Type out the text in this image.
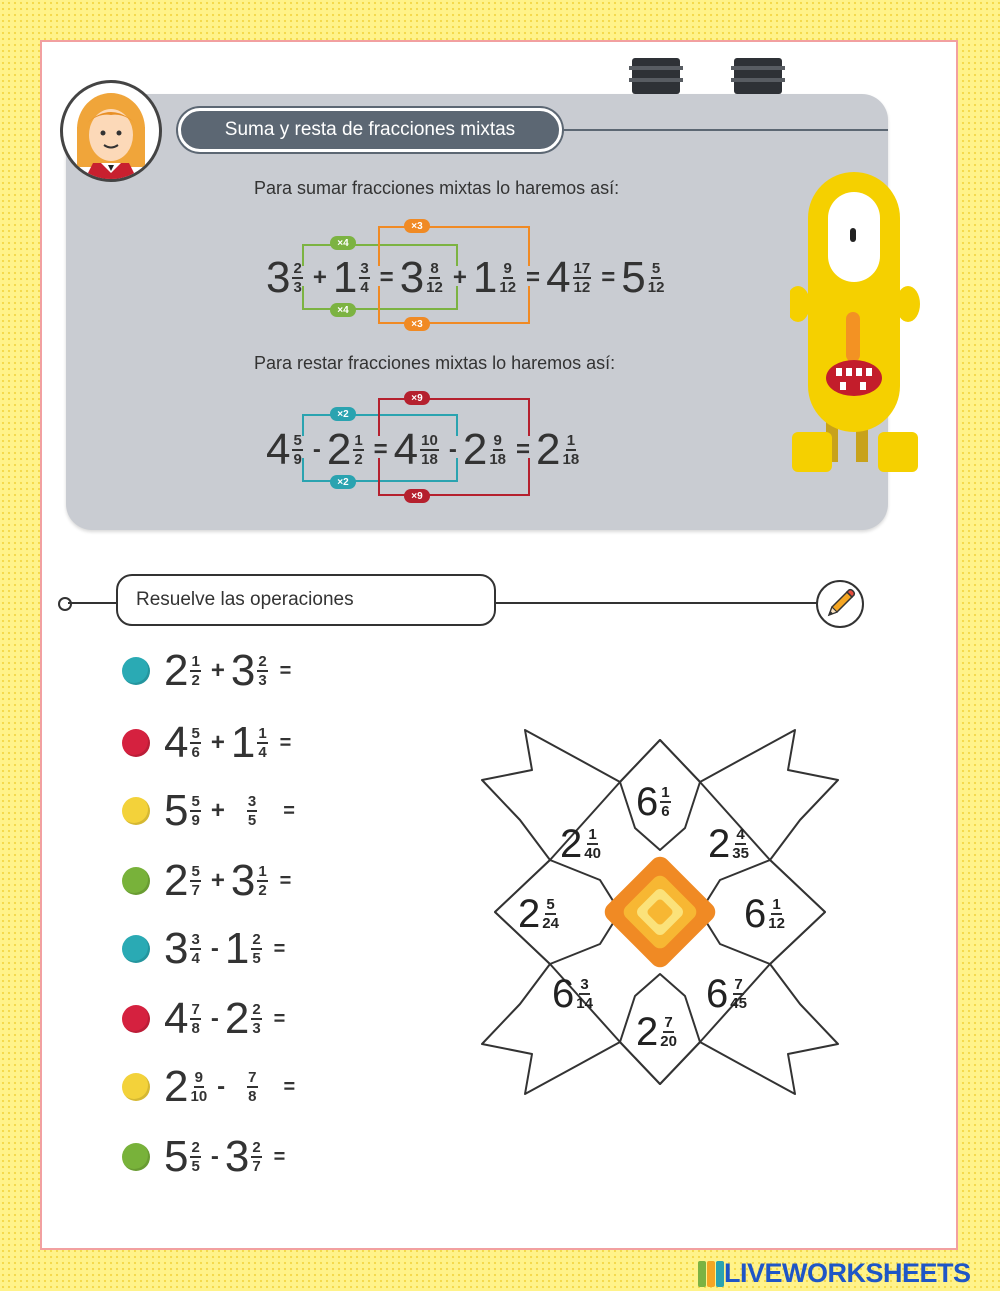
Suma y resta de fracciones mixtas
Para sumar fracciones mixtas lo haremos así:
×4
×4
×3
×3
$3 \frac{2}{3} + 1 \frac{3}{4} = 3 \frac{8}{12} + 1 \frac{9}{12} = 4 \frac{17}{12} = 5 \frac{5}{12}$
Para restar fracciones mixtas lo haremos así:
×2
×2
×9
×9
$4 \frac{5}{9} - 2 \frac{1}{2} = 4 \frac{10}{18} - 2 \frac{9}{18} = 2 \frac{1}{18}$
Resuelve las operaciones
$2 \frac{1}{2} + 3 \frac{2}{3}$ =
$4 \frac{5}{6} + 1 \frac{1}{4}$ =
$5 \frac{5}{9} + \frac{3}{5}$ =
$2 \frac{5}{7} + 3 \frac{1}{2}$ =
$3 \frac{3}{4} - 1 \frac{2}{5}$ =
$4 \frac{7}{8} - 2 \frac{2}{3}$ =
$2 \frac{9}{10} - \frac{7}{8}$ =
$5 \frac{2}{5} - 3 \frac{2}{7}$ =
$6 \frac{1}{6}$
$2 \frac{1}{40}$	$2 \frac{4}{35}$
$2 \frac{5}{24}$	$6 \frac{1}{12}$
$6 \frac{3}{14}$	$6 \frac{7}{45}$
$2 \frac{7}{20}$
LIVEWORKSHEETS
